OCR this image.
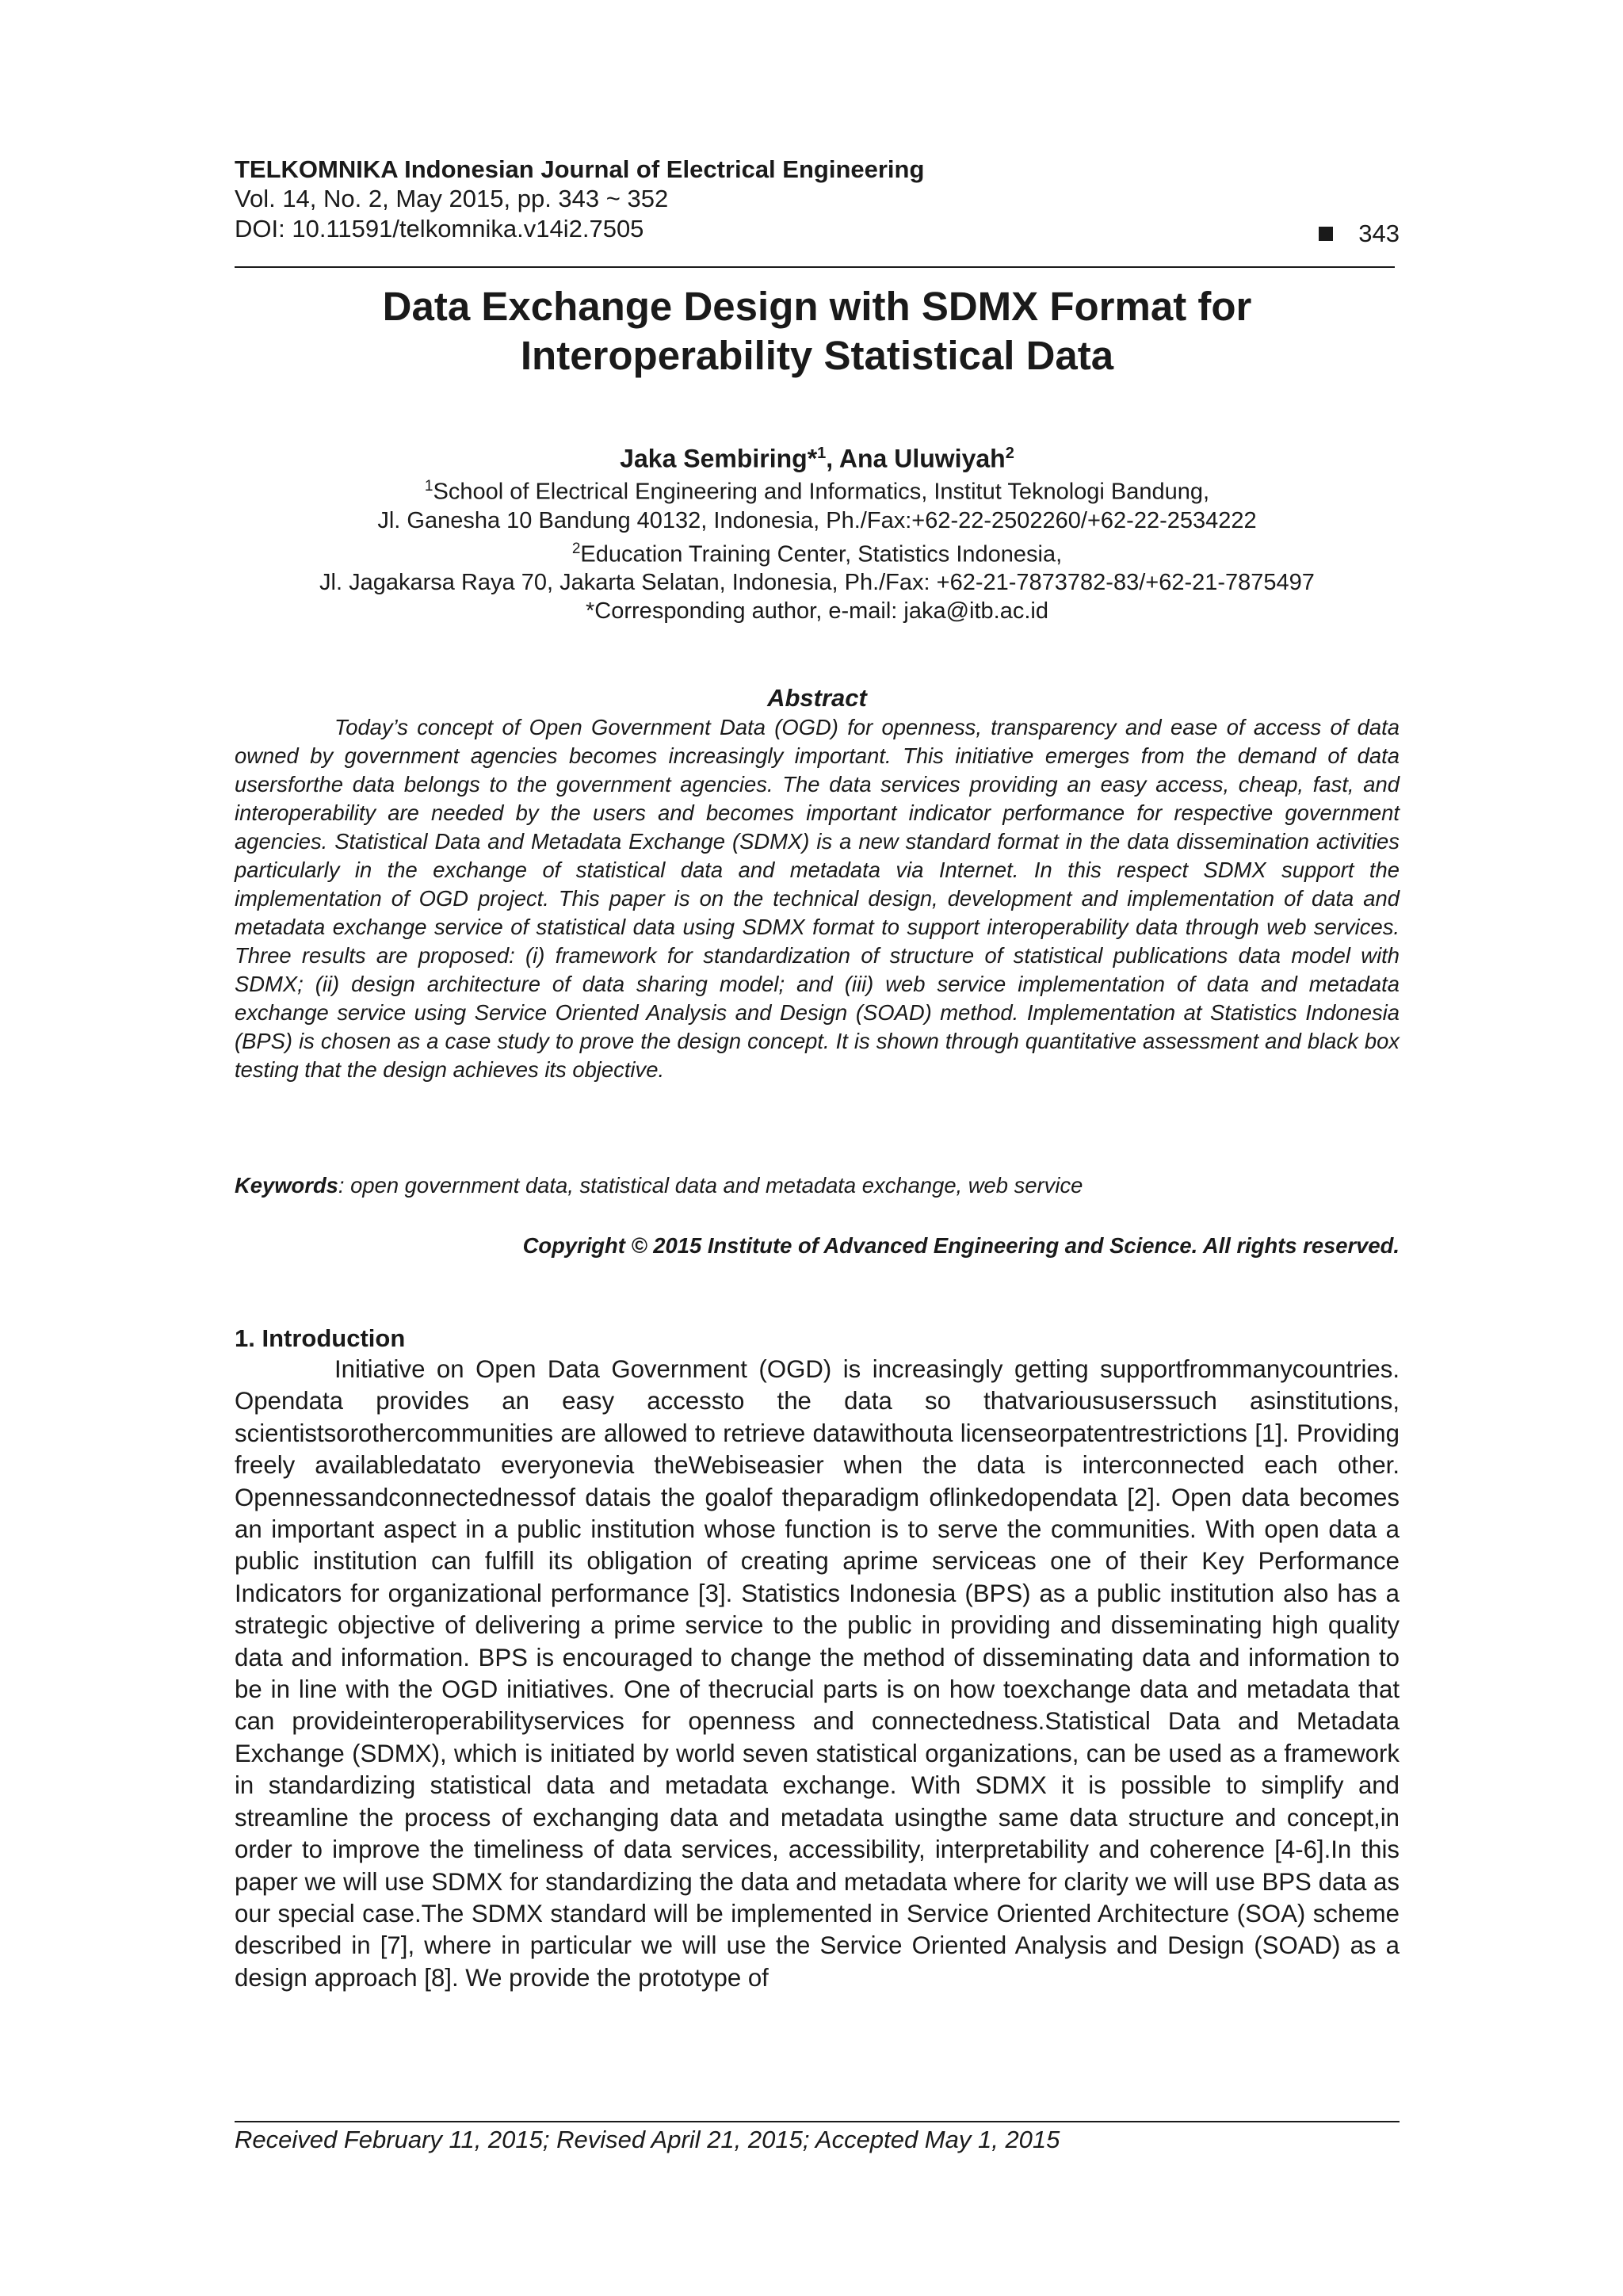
TELKOMNIKA Indonesian Journal of Electrical Engineering
Vol. 14, No. 2, May 2015, pp. 343 ~ 352
DOI: 10.11591/telkomnika.v14i2.7505	343
Data Exchange Design with SDMX Format for
Interoperability Statistical Data
Jaka Sembiring*$^1$, Ana Uluwiyah$^2$
$^1$School of Electrical Engineering and Informatics, Institut Teknologi Bandung,
Jl. Ganesha 10 Bandung 40132, Indonesia, Ph./Fax:+62-22-2502260/+62-22-2534222
$^2$Education Training Center, Statistics Indonesia,
Jl. Jagakarsa Raya 70, Jakarta Selatan, Indonesia, Ph./Fax: +62-21-7873782-83/+62-21-7875497
*Corresponding author, e-mail: jaka@itb.ac.id
Abstract

Today’s concept of Open Government Data (OGD) for openness, transparency and ease of access of data owned by government agencies becomes increasingly important. This initiative emerges from the demand of data usersforthe data belongs to the government agencies. The data services providing an easy access, cheap, fast, and interoperability are needed by the users and becomes important indicator performance for respective government agencies. Statistical Data and Metadata Exchange (SDMX) is a new standard format in the data dissemination activities particularly in the exchange of statistical data and metadata via Internet. In this respect SDMX support the implementation of OGD project. This paper is on the technical design, development and implementation of data and metadata exchange service of statistical data using SDMX format to support interoperability data through web services. Three results are proposed: (i) framework for standardization of structure of statistical publications data model with SDMX; (ii) design architecture of data sharing model; and (iii) web service implementation of data and metadata exchange service using Service Oriented Analysis and Design (SOAD) method. Implementation at Statistics Indonesia (BPS) is chosen as a case study to prove the design concept. It is shown through quantitative assessment and black box testing that the design achieves its objective.

Keywords: open government data, statistical data and metadata exchange, web service
Copyright © 2015 Institute of Advanced Engineering and Science. All rights reserved.
1. Introduction

Initiative on Open Data Government (OGD) is increasingly getting supportfrommanycountries. Opendata provides an easy accessto the data so thatvarioususerssuch asinstitutions, scientistsorothercommunities are allowed to retrieve datawithouta licenseorpatentrestrictions [1]. Providing freely availabledatato everyonevia theWebiseasier when the data is interconnected each other. Opennessandconnectednessof datais the goalof theparadigm oflinkedopendata [2]. Open data becomes an important aspect in a public institution whose function is to serve the communities. With open data a public institution can fulfill its obligation of creating aprime serviceas one of their Key Performance Indicators for organizational performance [3]. Statistics Indonesia (BPS) as a public institution also has a strategic objective of delivering a prime service to the public in providing and disseminating high quality data and information. BPS is encouraged to change the method of disseminating data and information to be in line with the OGD initiatives. One of thecrucial parts is on how toexchange data and metadata that can provideinteroperabilityservices for openness and connectedness.Statistical Data and Metadata Exchange (SDMX), which is initiated by world seven statistical organizations, can be used as a framework in standardizing statistical data and metadata exchange. With SDMX it is possible to simplify and streamline the process of exchanging data and metadata usingthe same data structure and concept,in order to improve the timeliness of data services, accessibility, interpretability and coherence [4-6].In this paper we will use SDMX for standardizing the data and metadata where for clarity we will use BPS data as our special case.The SDMX standard will be implemented in Service Oriented Architecture (SOA) scheme described in [7], where in particular we will use the Service Oriented Analysis and Design (SOAD) as a design approach [8]. We provide the prototype of

Received February 11, 2015; Revised April 21, 2015; Accepted May 1, 2015
